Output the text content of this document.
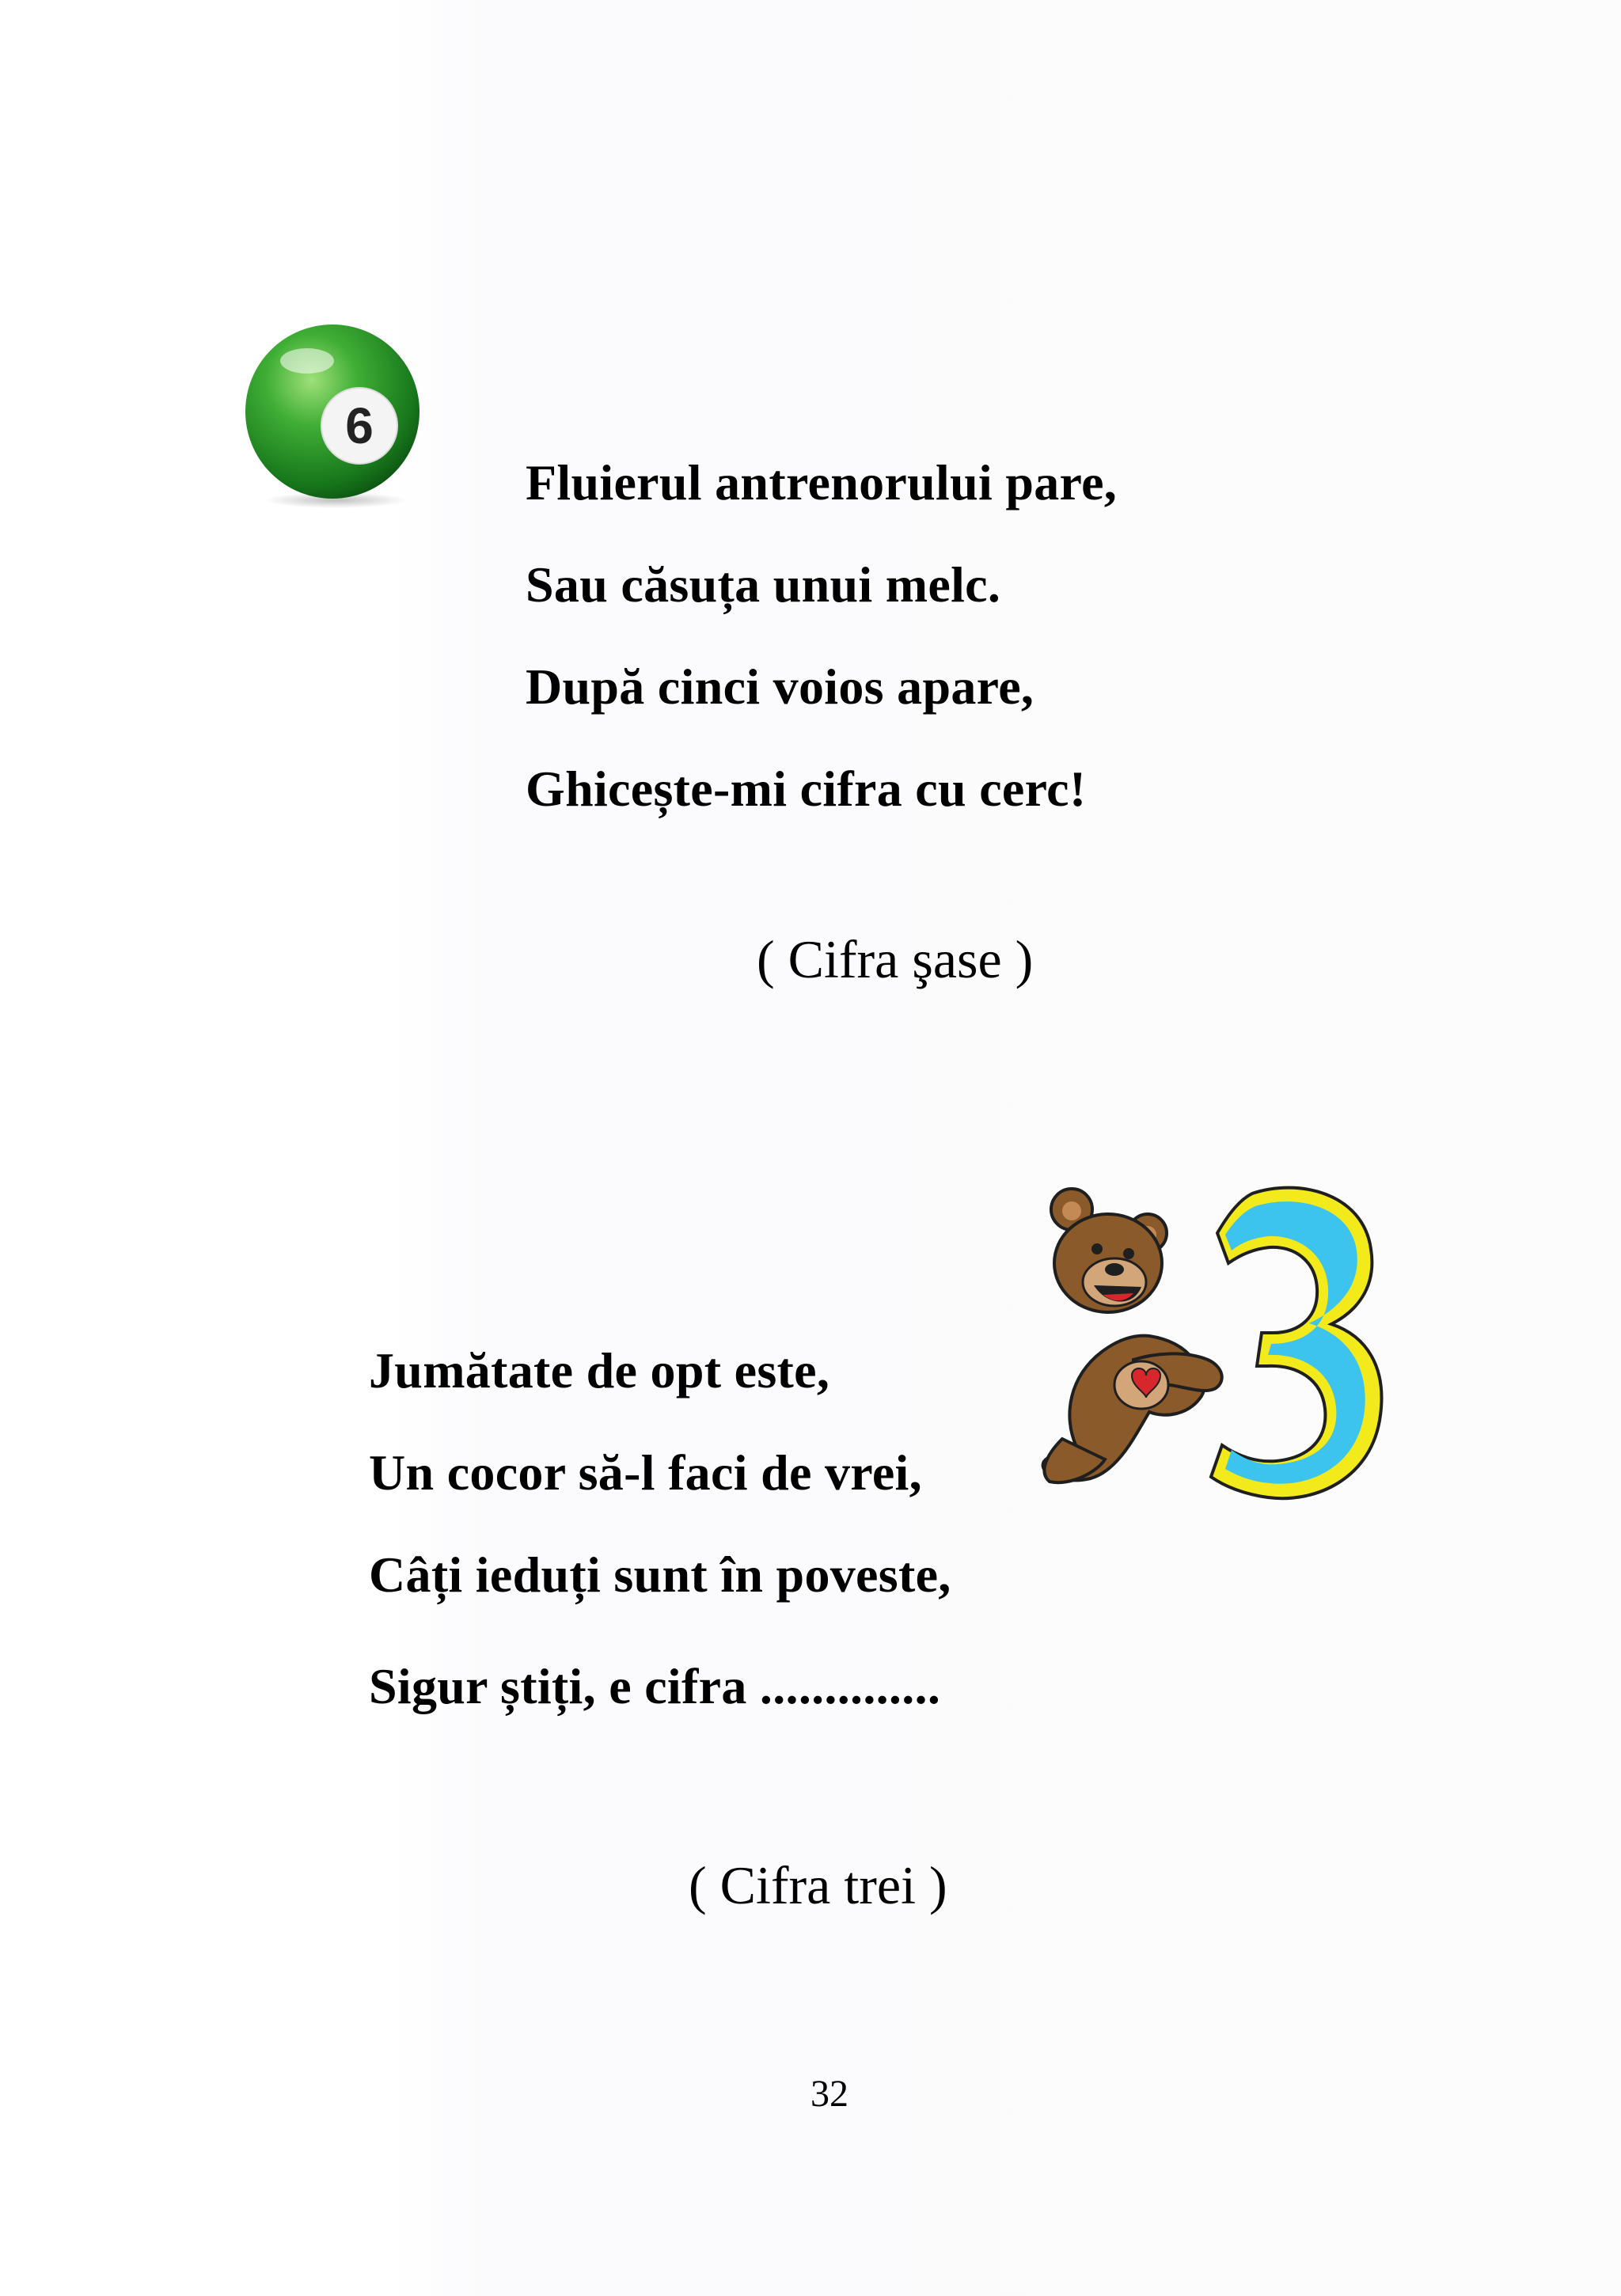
6
Fluierul antrenorului pare,
Sau căsuța unui melc.
După cinci voios apare,
Ghicește-mi cifra cu cerc!
( Cifra şase )
Jumătate de opt este,
Un cocor să-l faci de vrei,
Câți ieduți sunt în poveste,
Sigur știți, e cifra ..............
( Cifra trei )
32
